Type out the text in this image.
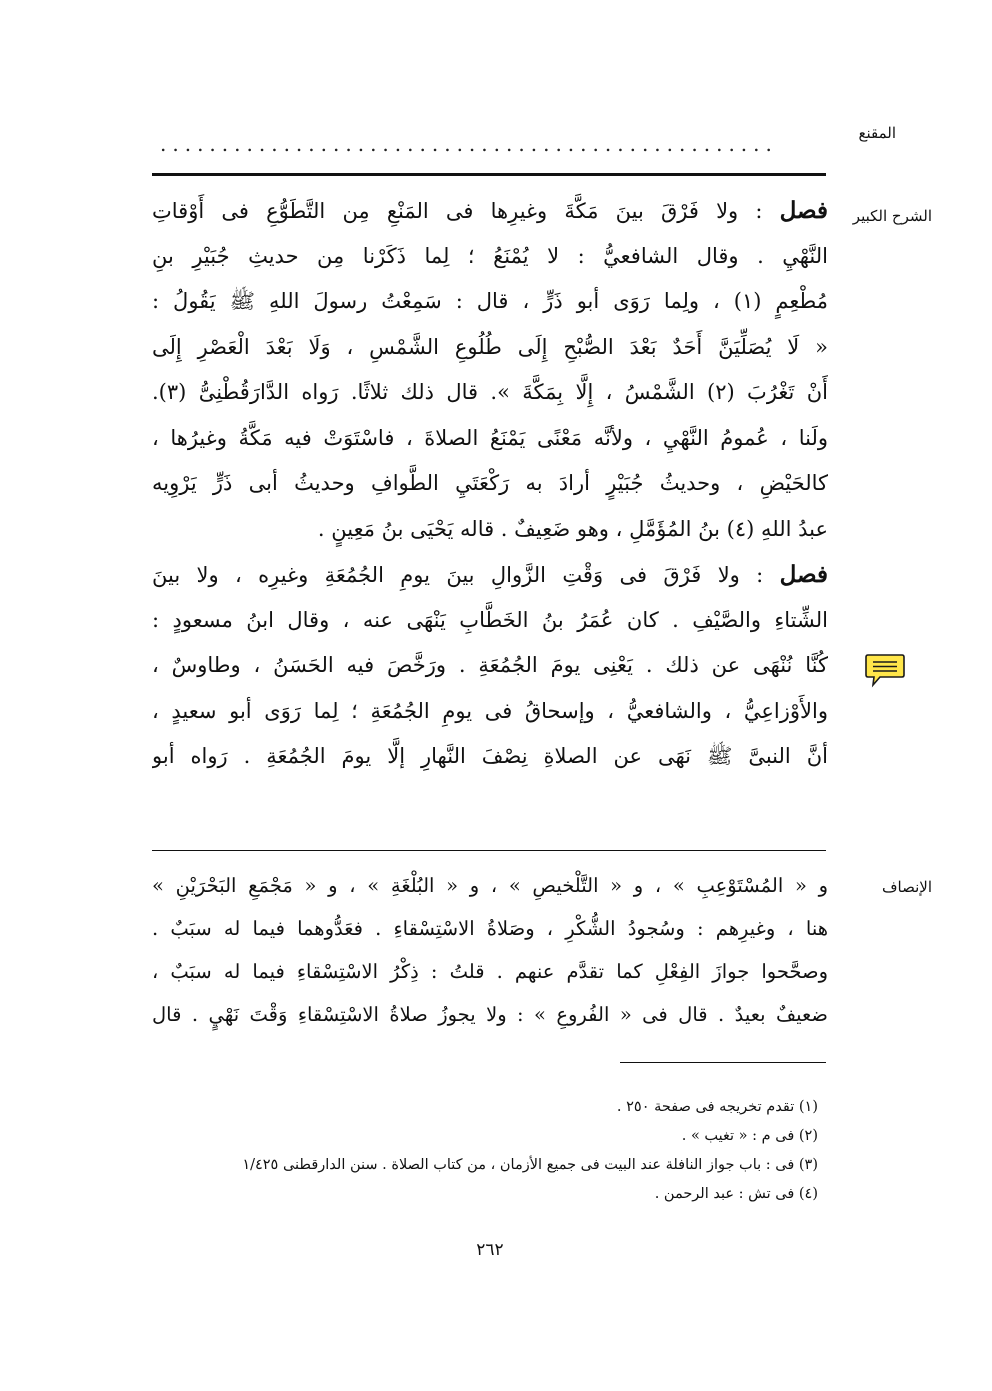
المقنع
الشرح الكبير
الإنصاف
..................................................
فصل : ولا فَرْقَ بينَ مَكَّةَ وغيرِها فى المَنْعِ مِن التَّطَوُّعِ فى أَوْقاتِ
النَّهْيِ . وقال الشافعيُّ : لا يُمْنَعُ ؛ لِما ذَكَرْنا مِن حديثِ جُبَيْرِ بنِ
مُطْعِمٍ (١) ، ولِما رَوَى أبو ذَرٍّ ، قال : سَمِعْتُ رسولَ اللهِ ﷺ يَقُولُ :
« لَا يُصَلِّيَنَّ أَحَدٌ بَعْدَ الصُّبْحِ إِلَى طُلُوعِ الشَّمْسِ ، وَلَا بَعْدَ الْعَصْرِ إِلَى
أَنْ تَغْرُبَ (٢) الشَّمْسُ ، إِلَّا بِمَكَّةَ ». قال ذلك ثلاثًا. رَواه الدَّارَقُطْنِىُّ (٣).
ولَنا ، عُمومُ النَّهْيِ ، ولأنَّه مَعْنًى يَمْنَعُ الصلاةَ ، فاسْتَوَتْ فيه مَكَّةُ وغيرُها ،
كالحَيْضِ ، وحديثُ جُبَيْرٍ أرادَ به رَكْعَتَيِ الطَّوافِ وحديثُ أبى ذَرٍّ يَرْوِيه
عبدُ اللهِ (٤) بنُ المُؤَمَّلِ ، وهو ضَعِيفٌ . قاله يَحْيَى بنُ مَعِينٍ .
فصل : ولا فَرْقَ فى وَقْتِ الزَّوالِ بينَ يومِ الجُمُعَةِ وغيرِه ، ولا بينَ
الشِّتاءِ والصَّيْفِ . كان عُمَرُ بنُ الخَطَّابِ يَنْهَى عنه ، وقال ابنُ مسعودٍ :
كُنَّا نُنْهَى عن ذلك . يَعْنِى يومَ الجُمُعَةِ . ورَخَّصَ فيه الحَسَنُ ، وطاوسٌ ،
والأَوْزاعِيُّ ، والشافعيُّ ، وإسحاقُ فى يومِ الجُمُعَةِ ؛ لِما رَوَى أبو سعيدٍ ،
أنَّ النبىَّ ﷺ نَهَى عن الصلاةِ نِصْفَ النَّهارِ إلَّا يومَ الجُمُعَةِ . رَواه أبو
و « المُسْتَوْعِبِ » ، و « التَّلْخيصِ » ، و « البُلْغَةِ » ، و « مَجْمَعِ البَحْرَيْنِ »
هنا ، وغيرِهم : وسُجودُ الشُّكْرِ ، وصَلاةُ الاسْتِسْقاءِ . فعَدُّوهما فيما له سبَبٌ .
وصحَّحوا جوازَ الفِعْلِ كما تقدَّم عنهم . قلتُ : ذِكْرُ الاسْتِسْقاءِ فيما له سبَبٌ ،
ضعيفٌ بعيدٌ . قال فى « الفُروعِ » : ولا يجوزُ صلاةُ الاسْتِسْقاءِ وَقْتَ نَهْيٍ . قال
(١) تقدم تخريجه فى صفحة ٢٥٠ .
(٢) فى م : « تغيب » .
(٣) فى : باب جواز النافلة عند البيت فى جميع الأزمان ، من كتاب الصلاة . سنن الدارقطنى ١/٤٢٥
(٤) فى تش : عبد الرحمن .
٢٦٢
